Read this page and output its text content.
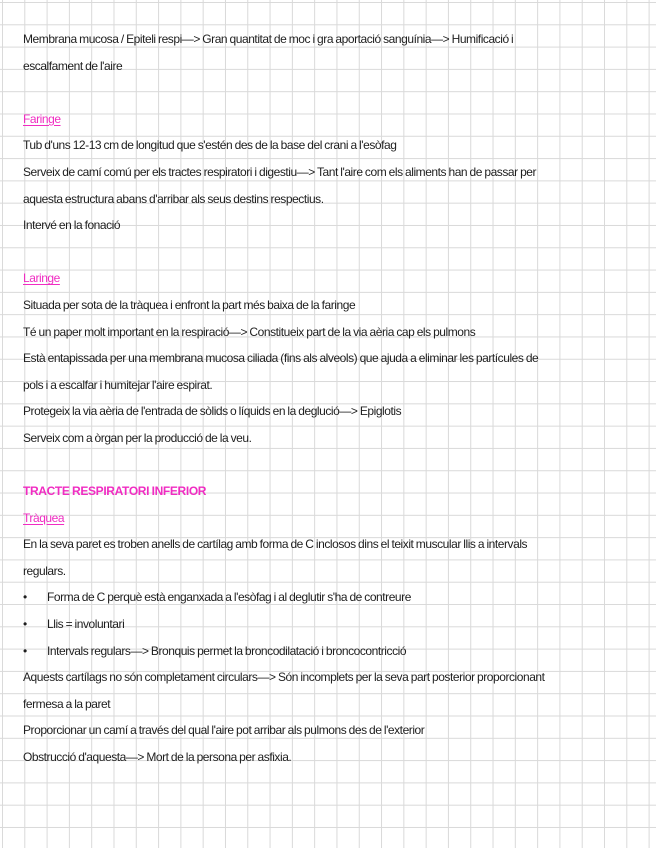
Membrana mucosa / Epiteli respi—> Gran quantitat de moc i gra aportació sanguínia—> Humificació i
escalfament de l'aire
Faringe
Tub d'uns 12-13 cm de longitud que s'estén des de la base del crani a l'esòfag
Serveix de camí comú per els tractes respiratori i digestiu—> Tant l'aire com els aliments han de passar per
aquesta estructura abans d'arribar als seus destins respectius.
Intervé en la fonació
Laringe
Situada per sota de la tràquea i enfront la part més baixa de la faringe
Té un paper molt important en la respiració—> Constitueix part de la via aèria cap els pulmons
Està entapissada per una membrana mucosa ciliada (fins als alveols) que ajuda a eliminar les partícules de
pols i a escalfar i humitejar l'aire espirat.
Protegeix la via aèria de l'entrada de sòlids o líquids en la deglució—> Epiglotis
Serveix com a òrgan per la producció de la veu.
TRACTE RESPIRATORI INFERIOR
Tràquea
En la seva paret es troben anells de cartílag amb forma de C inclosos dins el teixit muscular llis a intervals
regulars.
•	Forma de C perquè està enganxada a l'esòfag i al deglutir s'ha de contreure
•	Llis = involuntari
•	Intervals regulars—> Bronquis permet la broncodilatació i broncocontricció
Aquests cartílags no són completament circulars—> Són incomplets per la seva part posterior proporcionant
fermesa a la paret
Proporcionar un camí a través del qual l'aire pot arribar als pulmons des de l'exterior
Obstrucció d'aquesta—> Mort de la persona per asfixia.
